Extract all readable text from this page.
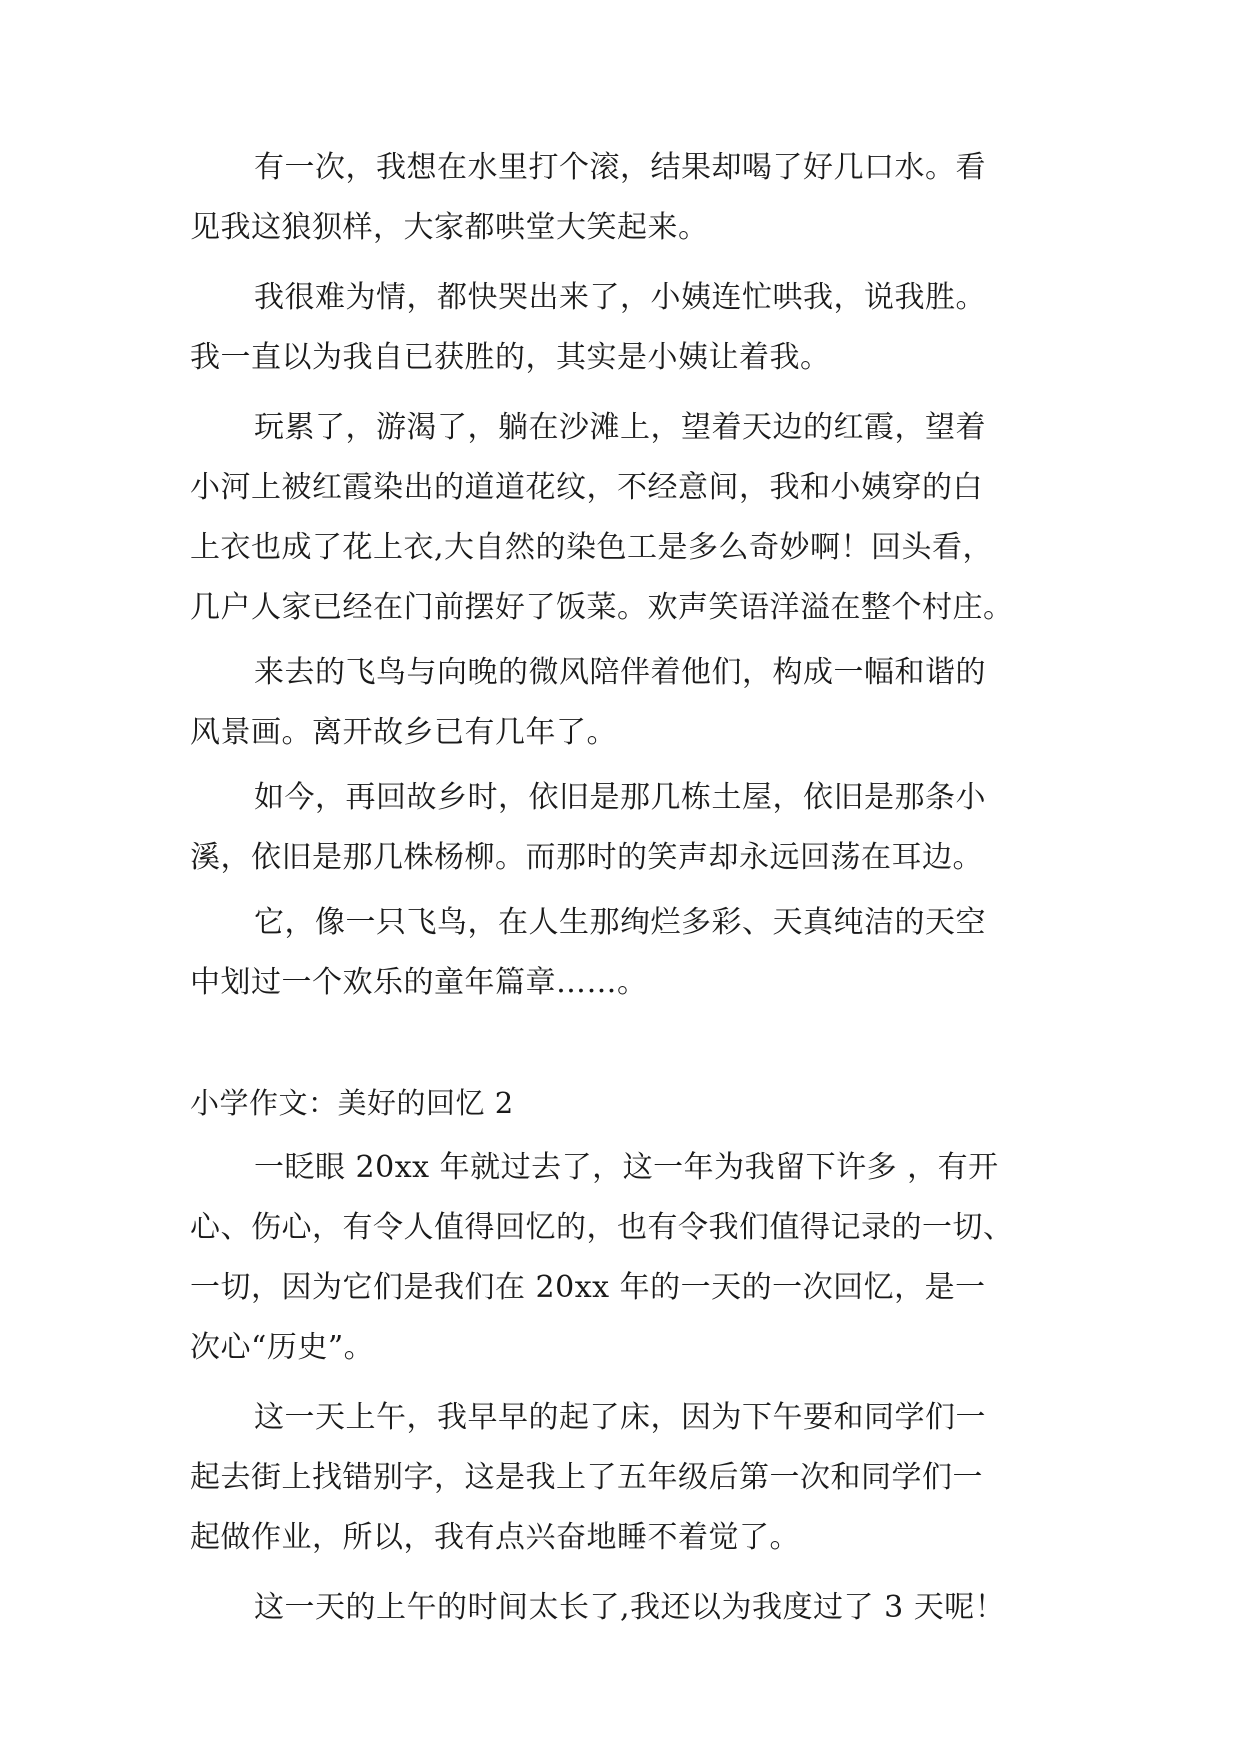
有一次，我想在水里打个滚，结果却喝了好几口水。看
见我这狼狈样，大家都哄堂大笑起来。
我很难为情，都快哭出来了，小姨连忙哄我，说我胜。
我一直以为我自已获胜的，其实是小姨让着我。
玩累了，游渴了，躺在沙滩上，望着天边的红霞，望着
小河上被红霞染出的道道花纹，不经意间，我和小姨穿的白
上衣也成了花上衣,大自然的染色工是多么奇妙啊！回头看，
几户人家已经在门前摆好了饭菜。欢声笑语洋溢在整个村庄。
来去的飞鸟与向晚的微风陪伴着他们，构成一幅和谐的
风景画。离开故乡已有几年了。
如今，再回故乡时，依旧是那几栋土屋，依旧是那条小
溪，依旧是那几株杨柳。而那时的笑声却永远回荡在耳边。
它，像一只飞鸟，在人生那绚烂多彩、天真纯洁的天空
中划过一个欢乐的童年篇章……。
小学作文：美好的回忆 2
一眨眼 20xx 年就过去了，这一年为我留下许多 ，有开
心、伤心，有令人值得回忆的，也有令我们值得记录的一切、
一切，因为它们是我们在 20xx 年的一天的一次回忆，是一
次心“历史”。
这一天上午，我早早的起了床，因为下午要和同学们一
起去街上找错别字，这是我上了五年级后第一次和同学们一
起做作业，所以，我有点兴奋地睡不着觉了。
这一天的上午的时间太长了,我还以为我度过了 3 天呢！
